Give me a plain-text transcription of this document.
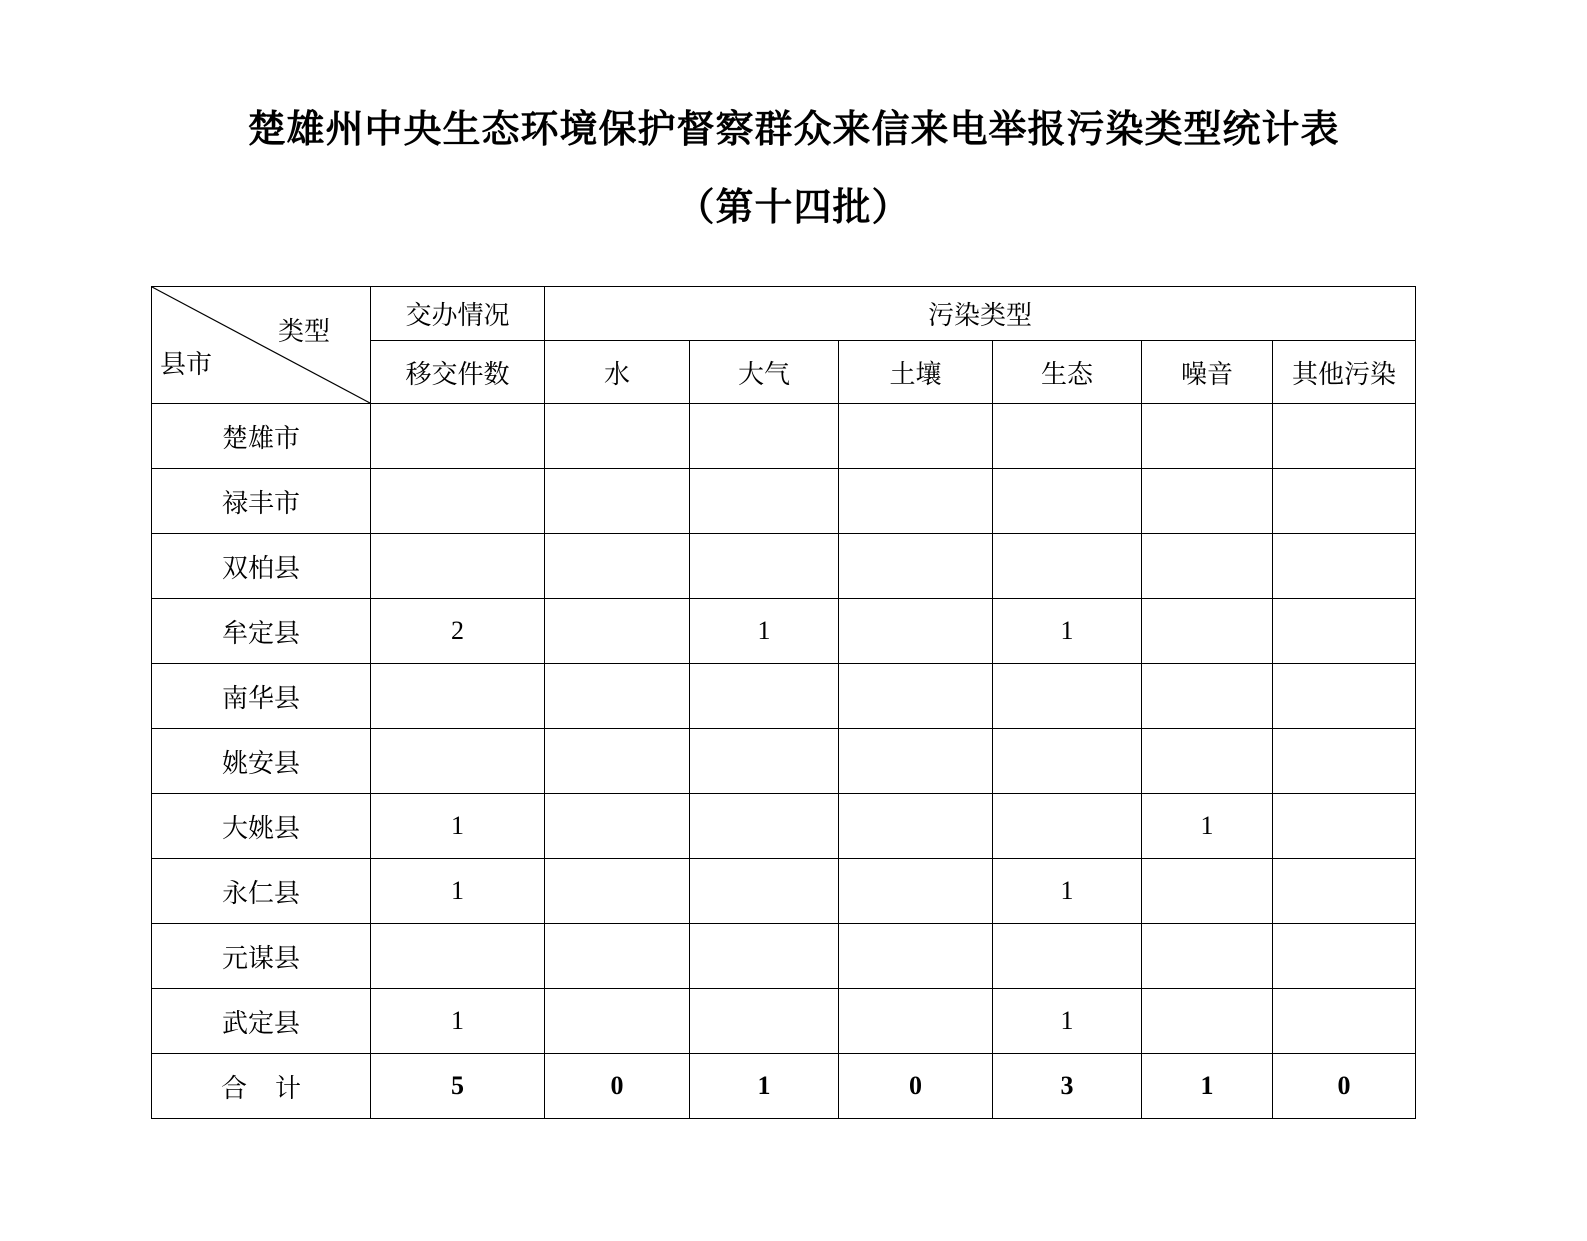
楚雄州中央生态环境保护督察群众来信来电举报污染类型统计表
（第十四批）
类型
县市	交办情况	污染类型					
	移交件数	水	大气	土壤	生态	噪音	其他污染
楚雄市							
禄丰市							
双柏县							
牟定县	2		1		1		
南华县							
姚安县							
大姚县	1					1	
永仁县	1				1		
元谋县							
武定县	1				1		
合计	5	0	1	0	3	1	0
